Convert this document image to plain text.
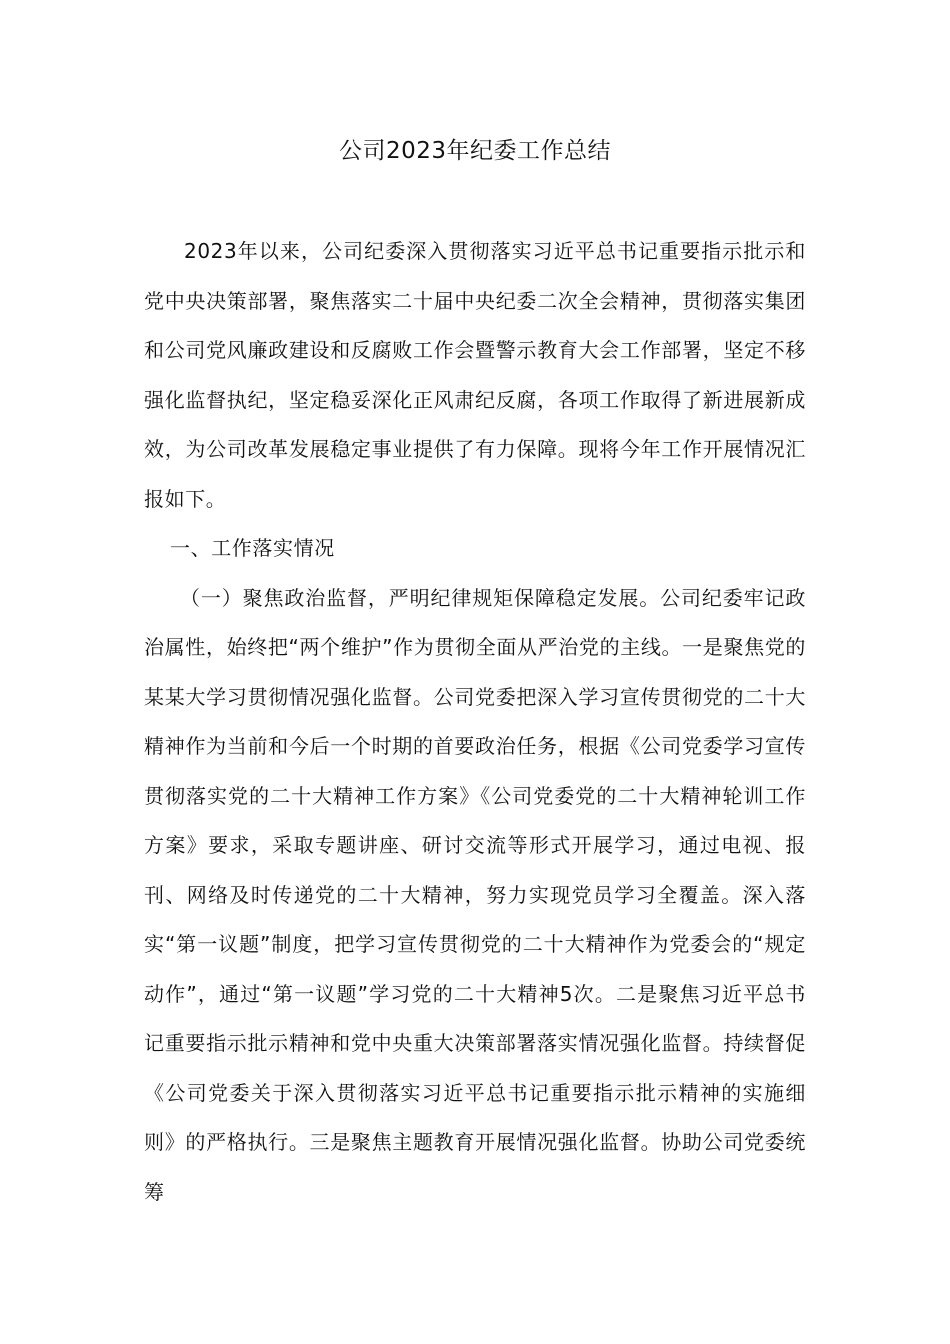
公司2023年纪委工作总结

2023年以来，公司纪委深入贯彻落实习近平总书记重要指示批示和党中央决策部署，聚焦落实二十届中央纪委二次全会精神，贯彻落实集团和公司党风廉政建设和反腐败工作会暨警示教育大会工作部署，坚定不移强化监督执纪，坚定稳妥深化正风肃纪反腐，各项工作取得了新进展新成效，为公司改革发展稳定事业提供了有力保障。现将今年工作开展情况汇报如下。

一、工作落实情况

（一）聚焦政治监督，严明纪律规矩保障稳定发展。公司纪委牢记政治属性，始终把“两个维护”作为贯彻全面从严治党的主线。一是聚焦党的某某大学习贯彻情况强化监督。公司党委把深入学习宣传贯彻党的二十大精神作为当前和今后一个时期的首要政治任务，根据《公司党委学习宣传贯彻落实党的二十大精神工作方案》《公司党委党的二十大精神轮训工作方案》要求，采取专题讲座、研讨交流等形式开展学习，通过电视、报刊、网络及时传递党的二十大精神，努力实现党员学习全覆盖。深入落实“第一议题”制度，把学习宣传贯彻党的二十大精神作为党委会的“规定动作”，通过“第一议题”学习党的二十大精神5次。二是聚焦习近平总书记重要指示批示精神和党中央重大决策部署落实情况强化监督。持续督促《公司党委关于深入贯彻落实习近平总书记重要指示批示精神的实施细则》的严格执行。三是聚焦主题教育开展情况强化监督。协助公司党委统筹
